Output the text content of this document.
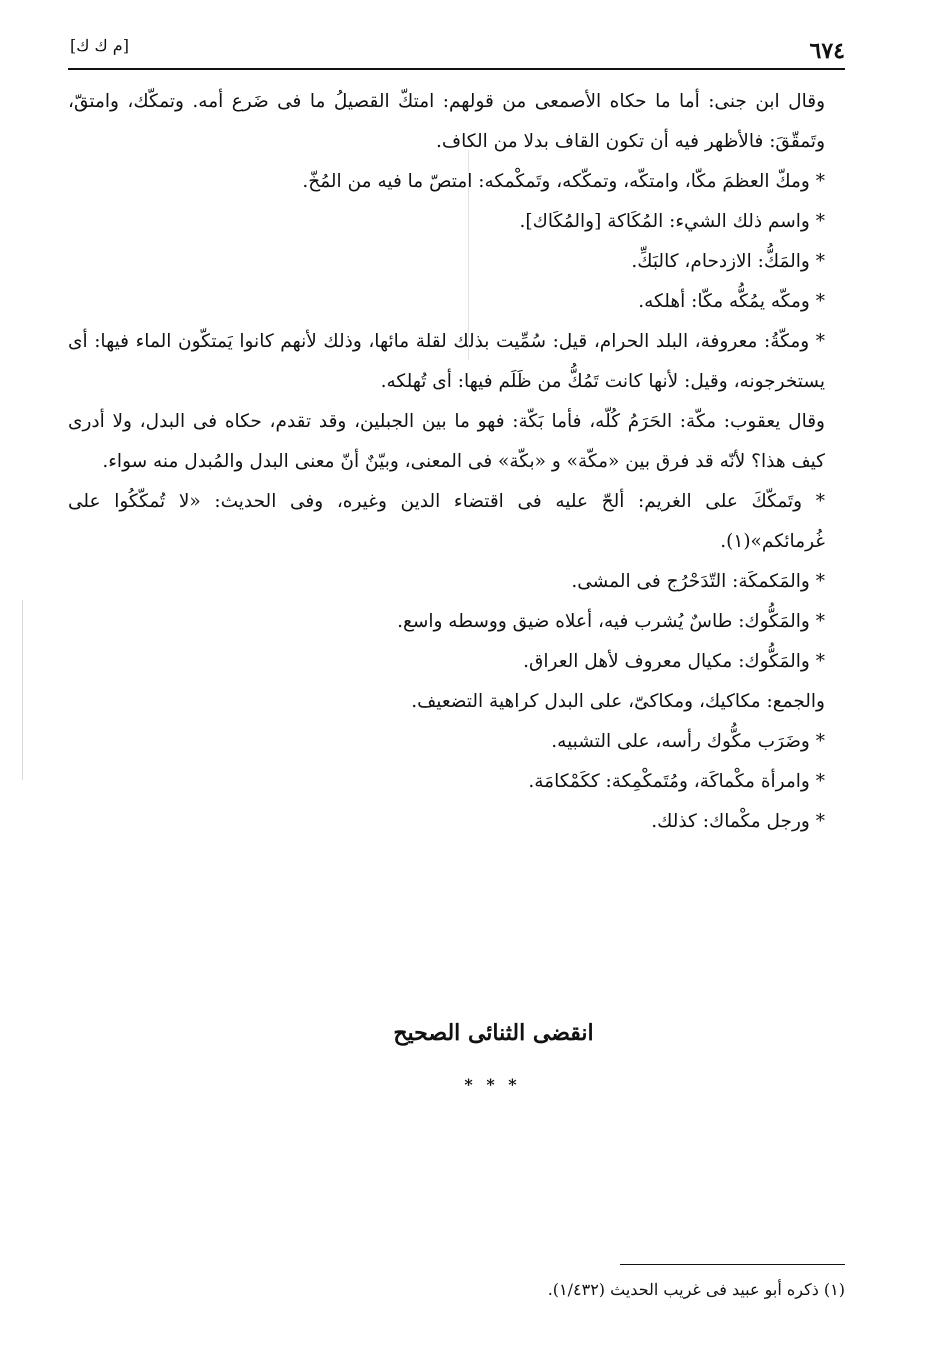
٦٧٤
[م ك ك]

وقال ابن جنى: أما ما حكاه الأصمعى من قولهم: امتكّ القصيلُ ما فى ضَرع أمه. وتمكّك، وامتقّ، وتَمقّقَ: فالأظهر فيه أن تكون القاف بدلا من الكاف.

* ومكّ العظمَ مكّا، وامتكّه، وتمكّكه، وتَمكْمكه: امتصّ ما فيه من المُخّ.

* واسم ذلك الشيء: المُكَاكة [والمُكَاك].

* والمَكُّ: الازدحام، كالبَكِّ.

* ومكّه يمُكُّه مكّا: أهلكه.

* ومكّةُ: معروفة، البلد الحرام، قيل: سُمِّيت بذلك لقلة مائها، وذلك لأنهم كانوا يَمتكّون الماء فيها: أى يستخرجونه، وقيل: لأنها كانت تَمُكُّ من ظَلَم فيها: أى تُهلكه.

وقال يعقوب: مكّة: الحَرَمُ كُلّه، فأما بَكّة: فهو ما بين الجبلين، وقد تقدم، حكاه فى البدل، ولا أدرى كيف هذا؟ لأنّه قد فرق بين «مكّة» و «بكّة» فى المعنى، وبيّنٌ أنّ معنى البدل والمُبدل منه سواء.

* وتَمكّكَ على الغريم: ألحّ عليه فى اقتضاء الدين وغيره، وفى الحديث: «لا تُمكّكُوا على غُرمائكم»(١).

* والمَكمكَة: التّدَحْرُج فى المشى.

* والمَكُّوك: طاسٌ يُشرب فيه، أعلاه ضيق ووسطه واسع.

* والمَكُّوك: مكيال معروف لأهل العراق.

والجمع: مكاكيك، ومكاكىّ، على البدل كراهية التضعيف.

* وضَرَب مكُّوك رأسه، على التشبيه.

* وامرأة مكْماكَة، ومُتَمكْمِكة: ككَمْكامَة.

* ورجل مكْماك: كذلك.

انقضى الثنائى الصحيح
* * *
(١) ذكره أبو عبيد فى غريب الحديث (١/٤٣٢).
